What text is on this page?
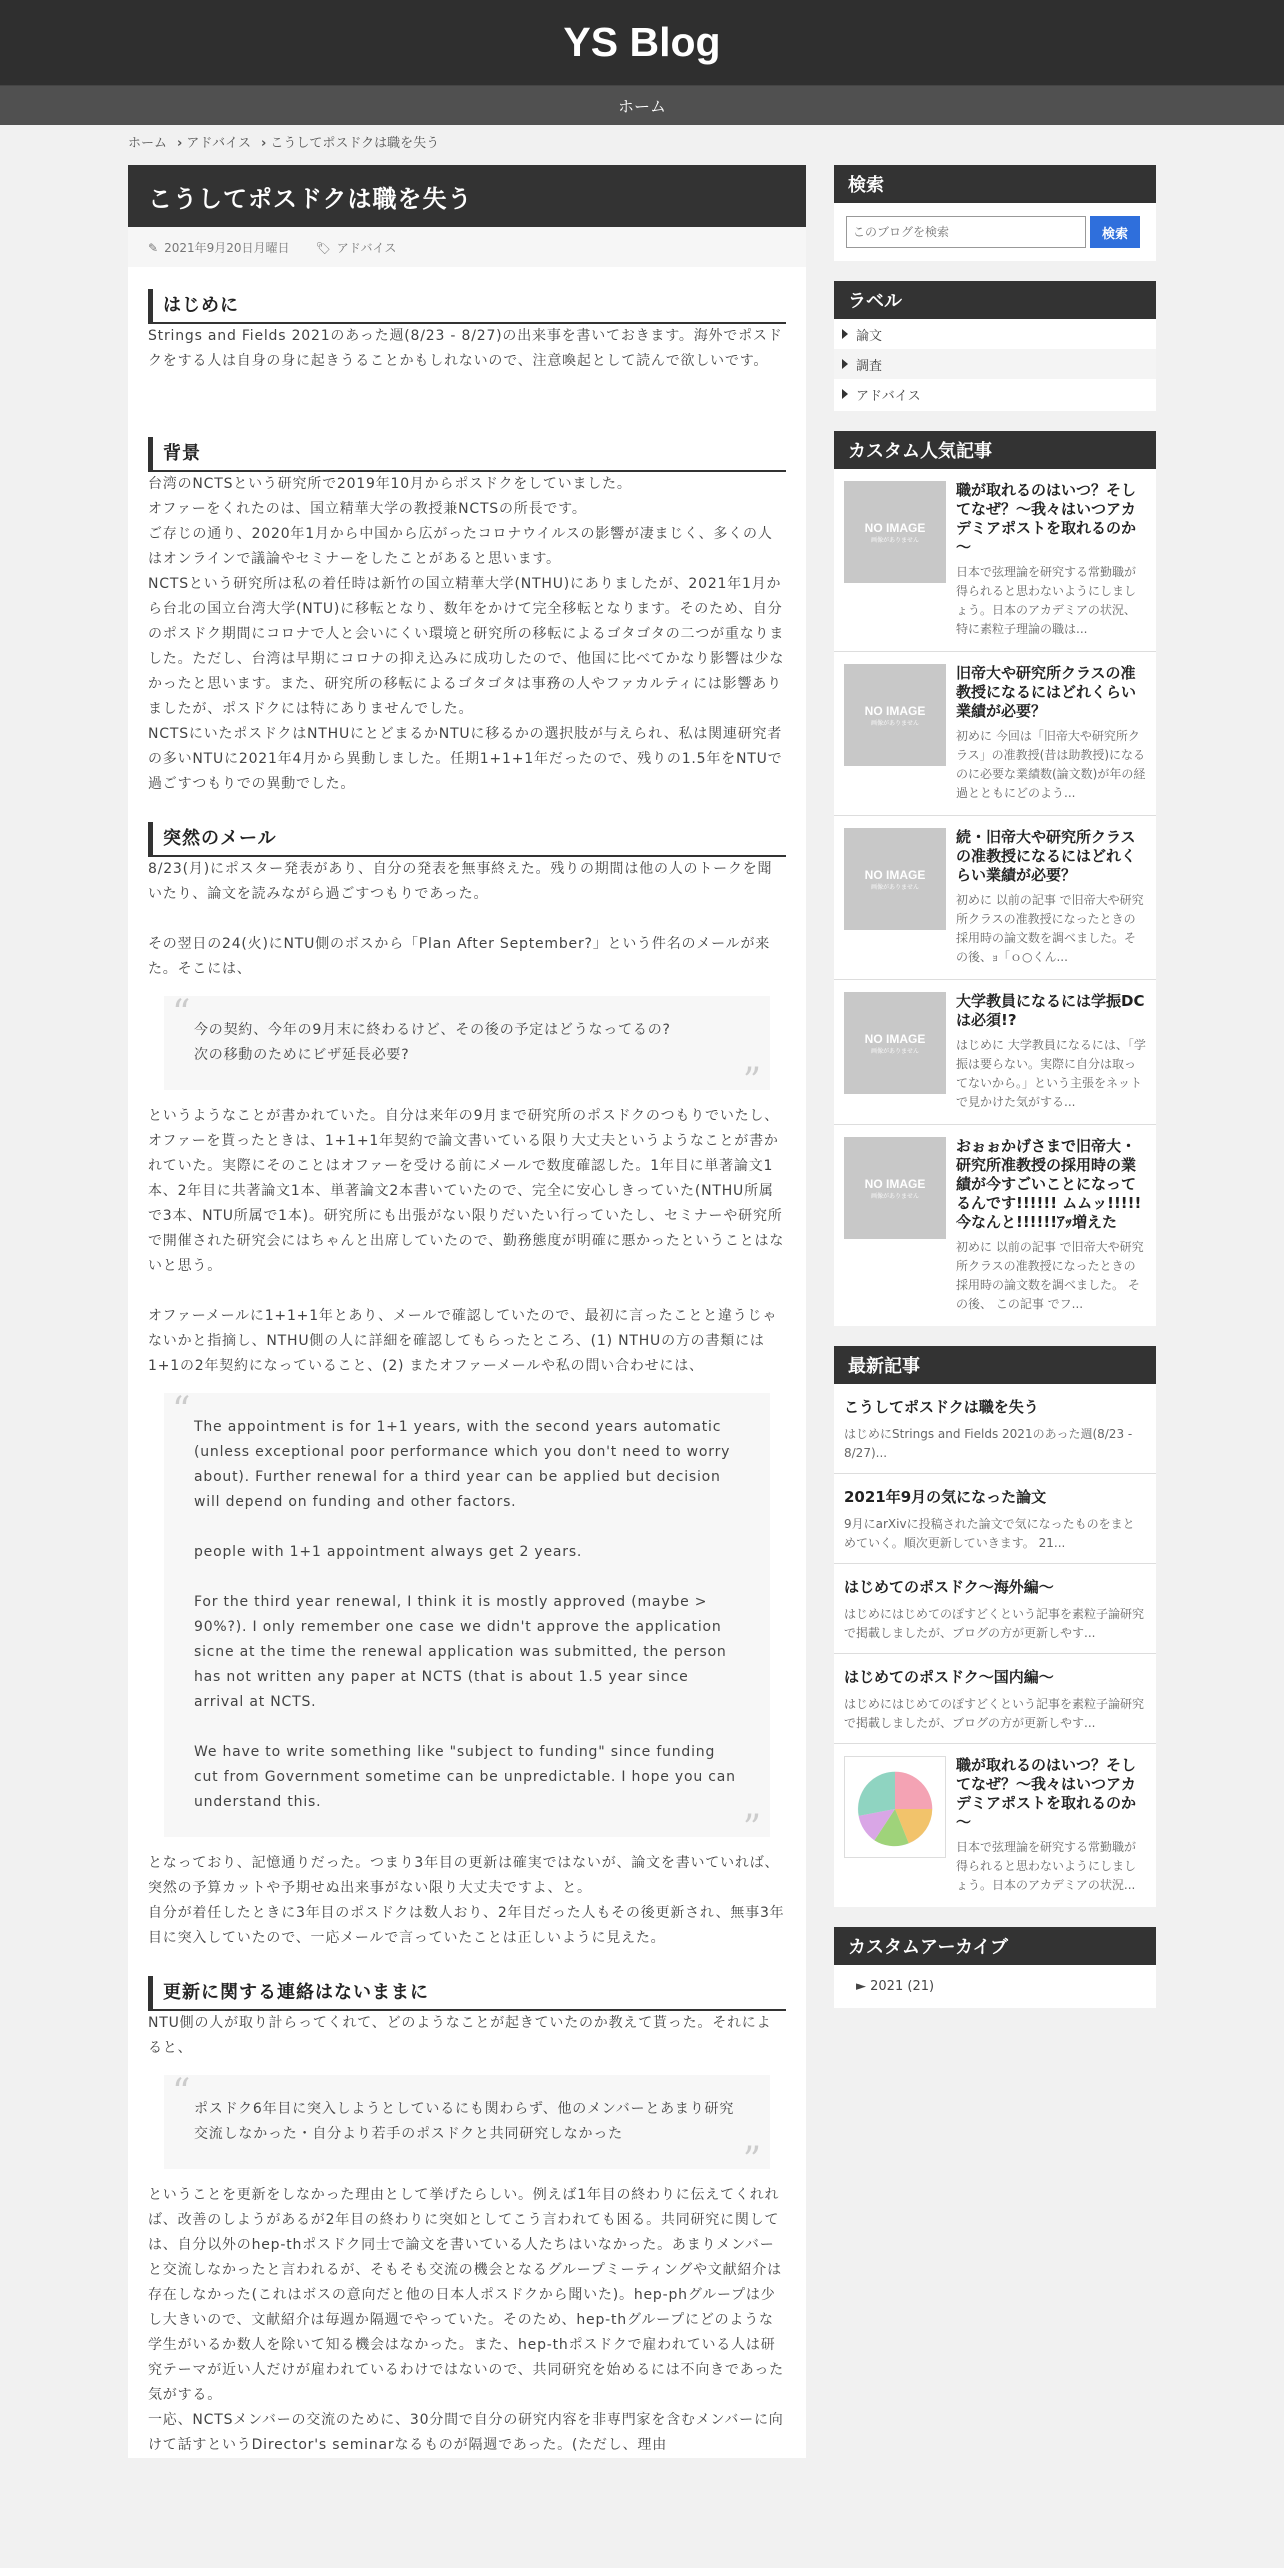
YS Blog
ホーム
ホーム › アドバイス › こうしてポスドクは職を失う
こうしてポスドクは職を失う
✎ 2021年9月20日月曜日 🏷 アドバイス
はじめに

Strings and Fields 2021のあった週(8/23 - 8/27)の出来事を書いておきます。海外でポスドクをする人は自身の身に起きうることかもしれないので、注意喚起として読んで欲しいです。

背景

台湾のNCTSという研究所で2019年10月からポスドクをしていました。

オファーをくれたのは、国立精華大学の教授兼NCTSの所長です。

ご存じの通り、2020年1月から中国から広がったコロナウイルスの影響が凄まじく、多くの人はオンラインで議論やセミナーをしたことがあると思います。

NCTSという研究所は私の着任時は新竹の国立精華大学(NTHU)にありましたが、2021年1月から台北の国立台湾大学(NTU)に移転となり、数年をかけて完全移転となります。そのため、自分のポスドク期間にコロナで人と会いにくい環境と研究所の移転によるゴタゴタの二つが重なりました。ただし、台湾は早期にコロナの抑え込みに成功したので、他国に比べてかなり影響は少なかったと思います。また、研究所の移転によるゴタゴタは事務の人やファカルティには影響ありましたが、ポスドクには特にありませんでした。

NCTSにいたポスドクはNTHUにとどまるかNTUに移るかの選択肢が与えられ、私は関連研究者の多いNTUに2021年4月から異動しました。任期1+1+1年だったので、残りの1.5年をNTUで過ごすつもりでの異動でした。

突然のメール

8/23(月)にポスター発表があり、自分の発表を無事終えた。残りの期間は他の人のトークを聞いたり、論文を読みながら過ごすつもりであった。

その翌日の24(火)にNTU側のボスから「Plan After September?」という件名のメールが来た。そこには、

“ 今の契約、今年の9月末に終わるけど、その後の予定はどうなってるの?

次の移動のためにビザ延長必要?

”

というようなことが書かれていた。自分は来年の9月まで研究所のポスドクのつもりでいたし、オファーを貰ったときは、1+1+1年契約で論文書いている限り大丈夫というようなことが書かれていた。実際にそのことはオファーを受ける前にメールで数度確認した。1年目に単著論文1本、2年目に共著論文1本、単著論文2本書いていたので、完全に安心しきっていた(NTHU所属で3本、NTU所属で1本)。研究所にも出張がない限りだいたい行っていたし、セミナーや研究所で開催された研究会にはちゃんと出席していたので、勤務態度が明確に悪かったということはないと思う。

オファーメールに1+1+1年とあり、メールで確認していたので、最初に言ったことと違うじゃないかと指摘し、NTHU側の人に詳細を確認してもらったところ、(1) NTHUの方の書類には1+1の2年契約になっていること、(2) またオファーメールや私の問い合わせには、

“ The appointment is for 1+1 years, with the second years automatic (unless exceptional poor performance which you don't need to worry about). Further renewal for a third year can be applied but decision will depend on funding and other factors.

people with 1+1 appointment always get 2 years.

For the third year renewal, I think it is mostly approved (maybe > 90%?). I only remember one case we didn't approve the application sicne at the time the renewal application was submitted, the person has not written any paper at NCTS (that is about 1.5 year since arrival at NCTS.

We have to write something like "subject to funding" since funding cut from Government sometime can be unpredictable. I hope you can understand this.

”

となっており、記憶通りだった。つまり3年目の更新は確実ではないが、論文を書いていれば、突然の予算カットや予期せぬ出来事がない限り大丈夫ですよ、と。

自分が着任したときに3年目のポスドクは数人おり、2年目だった人もその後更新され、無事3年目に突入していたので、一応メールで言っていたことは正しいように見えた。

更新に関する連絡はないままに

NTU側の人が取り計らってくれて、どのようなことが起きていたのか教えて貰った。それによると、

“ ポスドク6年目に突入しようとしているにも関わらず、他のメンバーとあまり研究交流しなかった・自分より若手のポスドクと共同研究しなかった

”

ということを更新をしなかった理由として挙げたらしい。例えば1年目の終わりに伝えてくれれば、改善のしようがあるが2年目の終わりに突如としてこう言われても困る。共同研究に関しては、自分以外のhep-thポスドク同士で論文を書いている人たちはいなかった。あまりメンバーと交流しなかったと言われるが、そもそも交流の機会となるグループミーティングや文献紹介は存在しなかった(これはボスの意向だと他の日本人ポスドクから聞いた)。hep-phグループは少し大きいので、文献紹介は毎週か隔週でやっていた。そのため、hep-thグループにどのような学生がいるか数人を除いて知る機会はなかった。また、hep-thポスドクで雇われている人は研究テーマが近い人だけが雇われているわけではないので、共同研究を始めるには不向きであった気がする。

一応、NCTSメンバーの交流のために、30分間で自分の研究内容を非専門家を含むメンバーに向けて話すというDirector's seminarなるものが隔週であった。(ただし、理由

検索
このブログを検索
検索
ラベル
論文
調査
アドバイス
カスタム人気記事
NO IMAGE
画像がありません
職が取れるのはいつ？そしてなぜ？～我々はいつアカデミアポストを取れるのか～

日本で弦理論を研究する常勤職が得られると思わないようにしましょう。日本のアカデミアの状況、特に素粒子理論の職は...

NO IMAGE
画像がありません
旧帝大や研究所クラスの准教授になるにはどれくらい業績が必要？

初めに 今回は「旧帝大や研究所クラス」の准教授(昔は助教授)になるのに必要な業績数(論文数)が年の経過とともにどのよう...

NO IMAGE
画像がありません
続・旧帝大や研究所クラスの准教授になるにはどれくらい業績が必要？

初めに 以前の記事 で旧帝大や研究所クラスの准教授になったときの採用時の論文数を調べました。その後、ｮ「ｏ○くん...

NO IMAGE
画像がありません
大学教員になるには学振DCは必須!?

はじめに 大学教員になるには、「学振は要らない。実際に自分は取ってないから。」という主張をネットで見かけた気がする...

NO IMAGE
画像がありません
おぉぉかげさまで旧帝大・研究所准教授の採用時の業績が今すごいことになってるんです!!!!!! ムムッ!!!!!今なんと!!!!!!ｱｯ増えた

初めに 以前の記事 で旧帝大や研究所クラスの准教授になったときの採用時の論文数を調べました。 その後、 この記事 でフ...

最新記事
こうしてポスドクは職を失う

はじめにStrings and Fields 2021のあった週(8/23 - 8/27)...

2021年9月の気になった論文

9月にarXivに投稿された論文で気になったものをまとめていく。順次更新していきます。 21...

はじめてのポスドク～海外編～

はじめにはじめてのぽすどくという記事を素粒子論研究で掲載しましたが、ブログの方が更新しやす...

はじめてのポスドク～国内編～

はじめにはじめてのぽすどくという記事を素粒子論研究で掲載しましたが、ブログの方が更新しやす...

職が取れるのはいつ？そしてなぜ？～我々はいつアカデミアポストを取れるのか～

日本で弦理論を研究する常勤職が得られると思わないようにしましょう。日本のアカデミアの状況...

カスタムアーカイブ
► 2021 (21)
